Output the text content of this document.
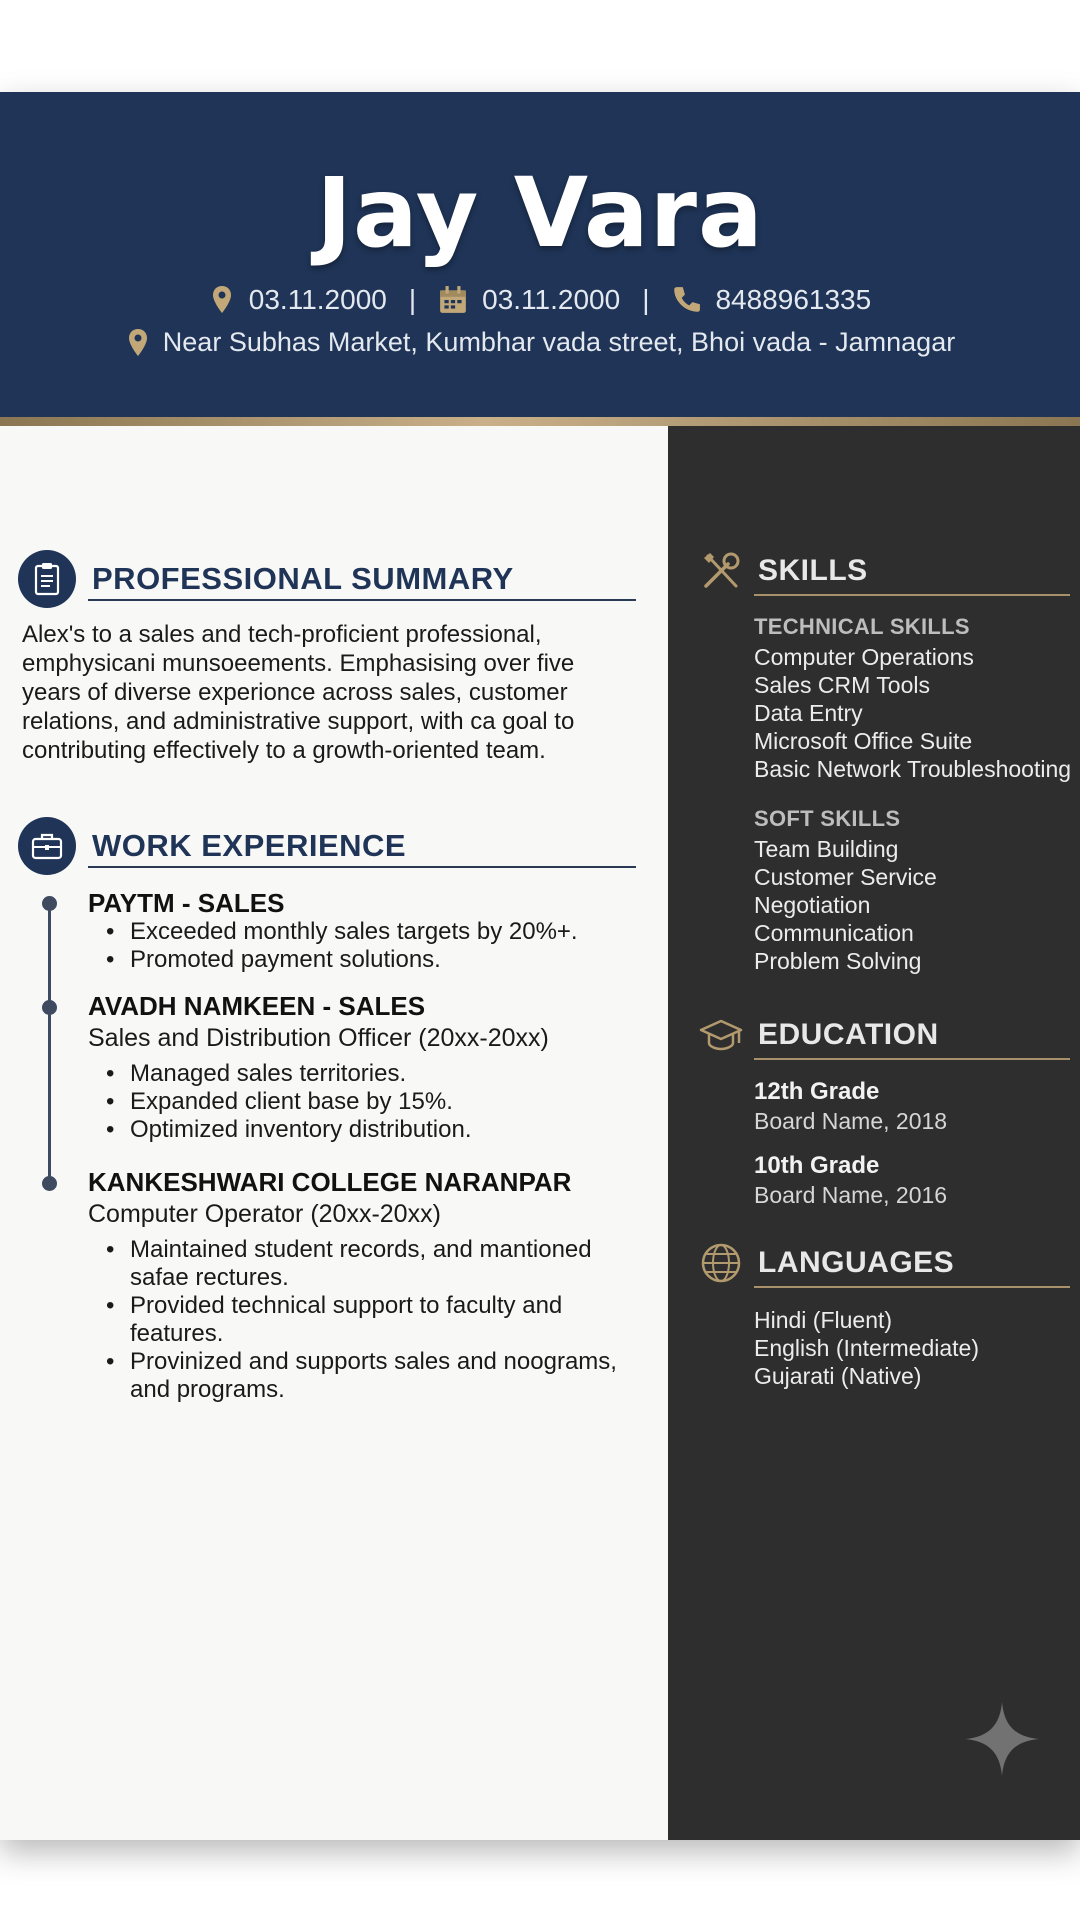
Jay Vara
03.11.2000 | 03.11.2000 | 8488961335
Near Subhas Market, Kumbhar vada street, Bhoi vada - Jamnagar
PROFESSIONAL SUMMARY
Alex's to a sales and tech-proficient professional, emphysicani munsoeements. Emphasising over five years of diverse experionce across sales, customer relations, and administrative support, with ca goal to contributing effectively to a growth-oriented team.
WORK EXPERIENCE
PAYTM - SALES
• Exceeded monthly sales targets by 20%+.
• Promoted payment solutions.
AVADH NAMKEEN - SALES
Sales and Distribution Officer (20xx-20xx)
• Managed sales territories.
• Expanded client base by 15%.
• Optimized inventory distribution.
KANKESHWARI COLLEGE NARANPAR
Computer Operator (20xx-20xx)
• Maintained student records, and mantioned safae rectures.
• Provided technical support to faculty and features.
• Provinized and supports sales and noograms, and programs.
SKILLS
TECHNICAL SKILLS
Computer Operations
Sales CRM Tools
Data Entry
Microsoft Office Suite
Basic Network Troubleshooting
SOFT SKILLS
Team Building
Customer Service
Negotiation
Communication
Problem Solving
EDUCATION
12th Grade
Board Name, 2018
10th Grade
Board Name, 2016
LANGUAGES
Hindi (Fluent)
English (Intermediate)
Gujarati (Native)
